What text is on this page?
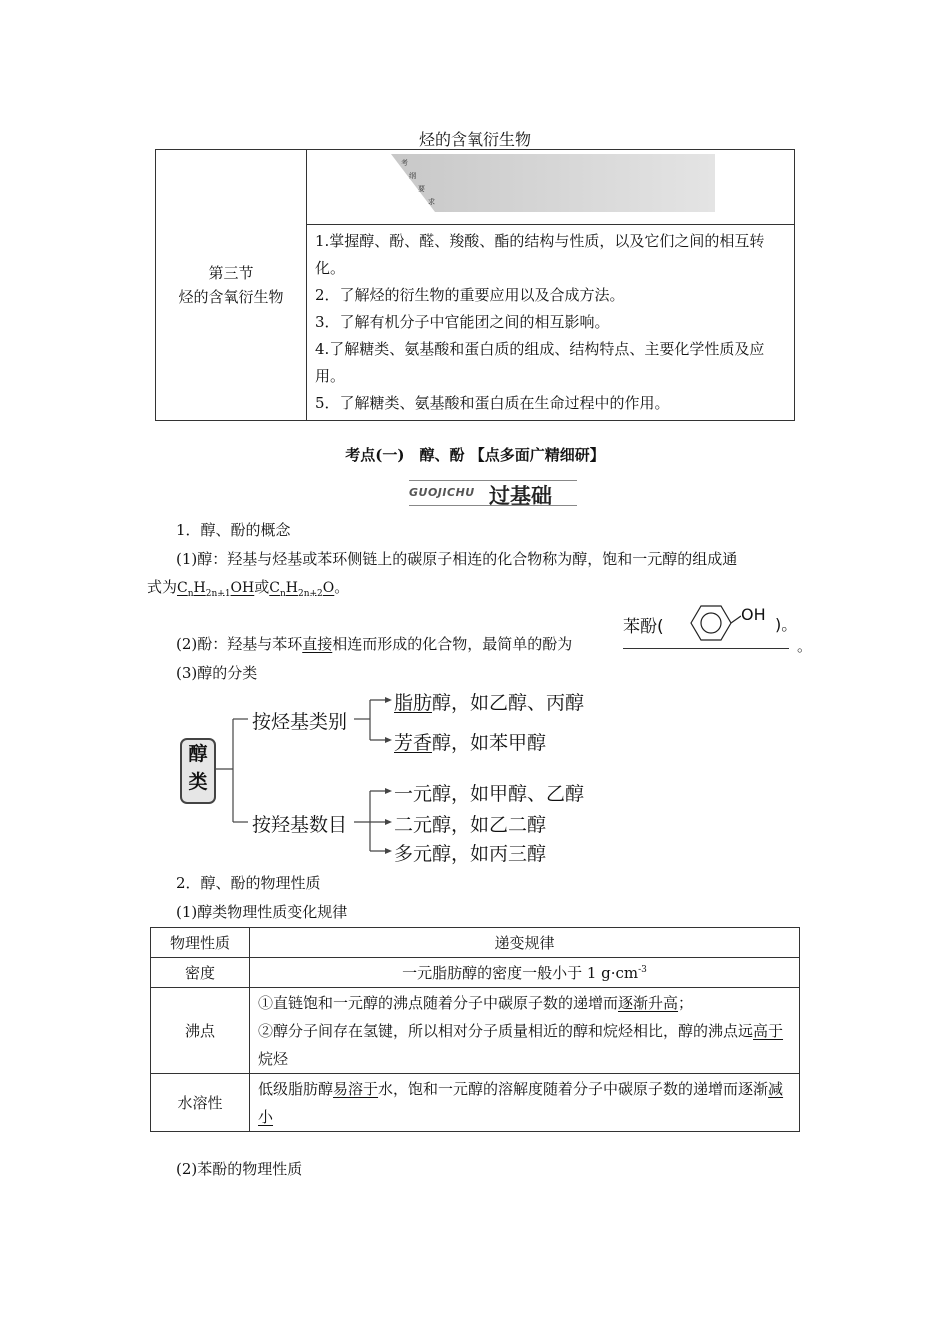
烃的含氧衍生物
第三节
烃的含氧衍生物

考
纲
要
求

1.掌握醇、酚、醛、羧酸、酯的结构与性质，以及它们之间的相互转化。
2．了解烃的衍生物的重要应用以及合成方法。
3．了解有机分子中官能团之间的相互影响。
4.了解糖类、氨基酸和蛋白质的组成、结构特点、主要化学性质及应用。
5．了解糖类、氨基酸和蛋白质在生命过程中的作用。
考点(一)　醇、酚 【点多面广精细研】
GUOJICHU 过基础
1．醇、酚的概念
(1)醇：羟基与烃基或苯环侧链上的碳原子相连的化合物称为醇，饱和一元醇的组成通
式为$C_nH_{2n+1}OH$或$C_nH_{2n+2}O$。
苯酚(
OH
)。
(2)酚：羟基与苯环直接相连而形成的化合物，最简单的酚为	。
(3)醇的分类
醇
类
按烃基类别
按羟基数目
脂肪醇，如乙醇、丙醇
芳香醇，如苯甲醇
一元醇，如甲醇、乙醇
二元醇，如乙二醇
多元醇，如丙三醇
2．醇、酚的物理性质
(1)醇类物理性质变化规律
物理性质	递变规律
密度	一元脂肪醇的密度一般小于 1 $g\cdot cm^{-3}$
沸点	①直链饱和一元醇的沸点随着分子中碳原子数的递增而逐渐升高；
②醇分子间存在氢键，所以相对分子质量相近的醇和烷烃相比，醇的沸点远高于烷烃

水溶性	低级脂肪醇易溶于水，饱和一元醇的溶解度随着分子中碳原子数的递增而逐渐减小
(2)苯酚的物理性质
